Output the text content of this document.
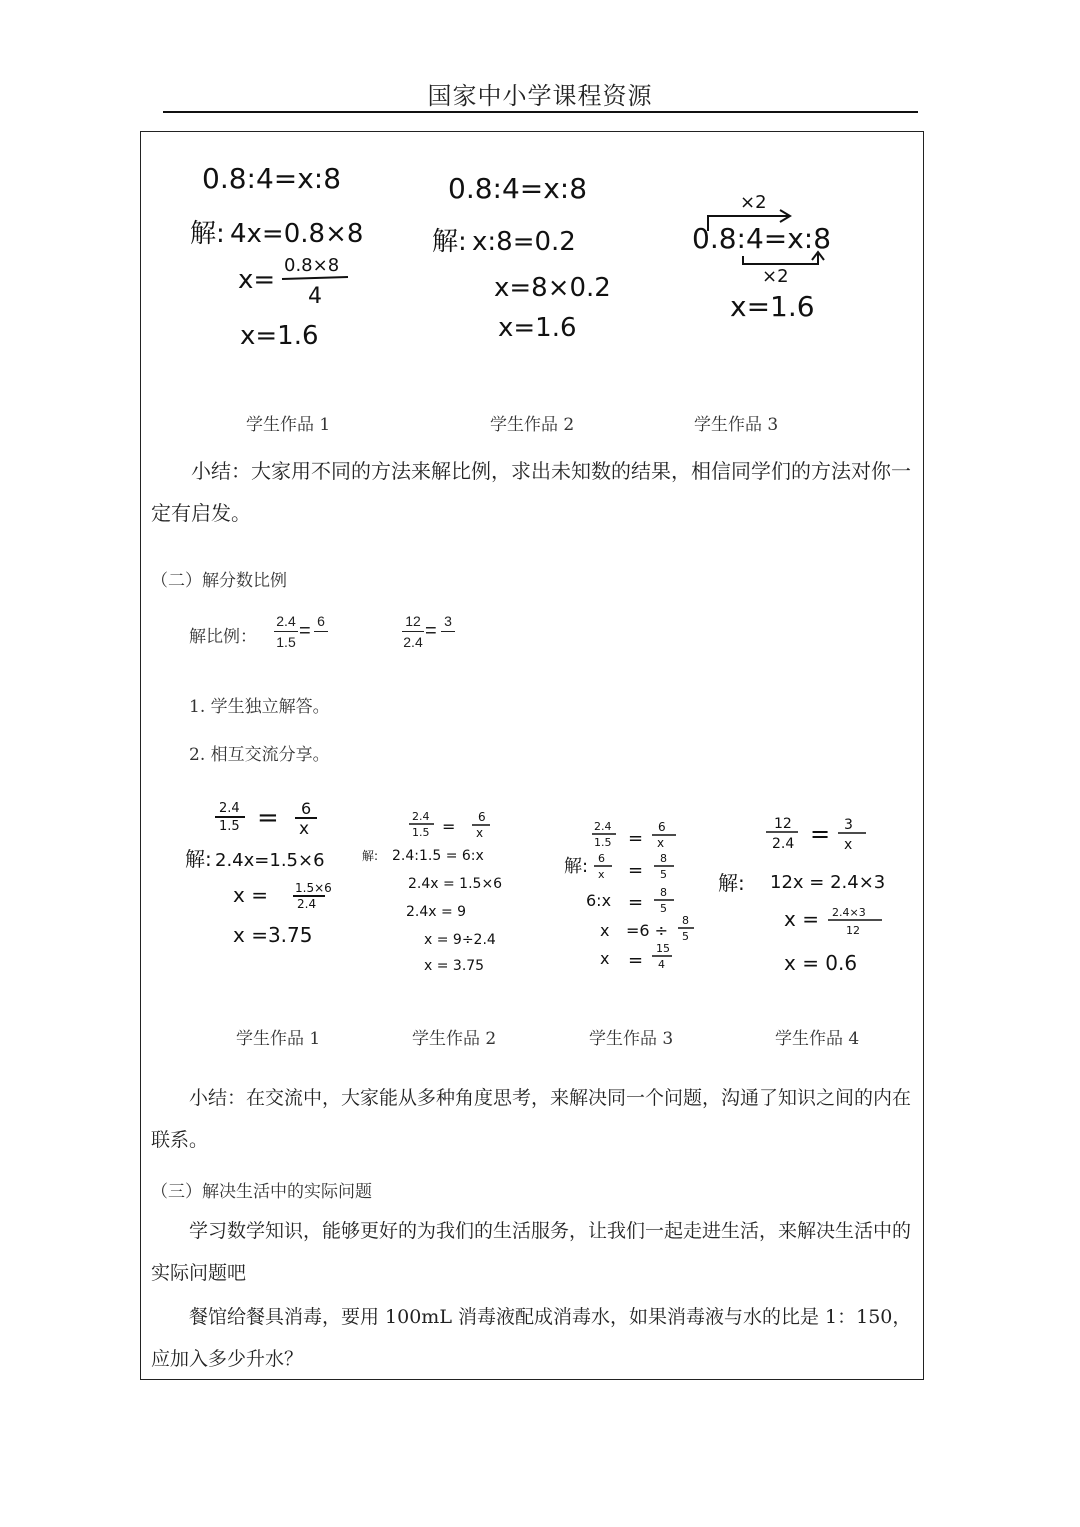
国家中小学课程资源
0.8:4=x:8
解: 4x=0.8×8
x= 0.8×8
4
x=1.6
0.8:4=x:8
解: x:8=0.2
x=8×0.2
x=1.6
×2
0.8:4=x:8
×2
x=1.6
学生作品 1	学生作品 2	学生作品 3
小结：大家用不同的方法来解比例，求出未知数的结果，相信同学们的方法对你一定有启发。
（二）解分数比例
解比例：
2.4
1.5 = 6	12
2.4 = 3
1. 学生独立解答。
2. 相互交流分享。
2.4
1.5 = 6
x
解: 2.4x=1.5×6
x = 1.5×6
2.4
x =3.75
2.4
1.5 = 6
x
解: 2.4:1.5 = 6:x
2.4x = 1.5×6
2.4x = 9
x = 9÷2.4
x = 3.75
2.4
1.5 =
6
x
解: 6
x =
8
5
6:x = 8
5
x =6 ÷
8
5
x =
15
4
12
2.4 = 3
x
解: 12x = 2.4×3
x = 2.4×3
12
x = 0.6
学生作品 1	学生作品 2	学生作品 3	学生作品 4
小结：在交流中，大家能从多种角度思考，来解决同一个问题，沟通了知识之间的内在联系。
（三）解决生活中的实际问题
学习数学知识，能够更好的为我们的生活服务，让我们一起走进生活，来解决生活中的实际问题吧
餐馆给餐具消毒，要用 100mL 消毒液配成消毒水，如果消毒液与水的比是 1：150，应加入多少升水？
